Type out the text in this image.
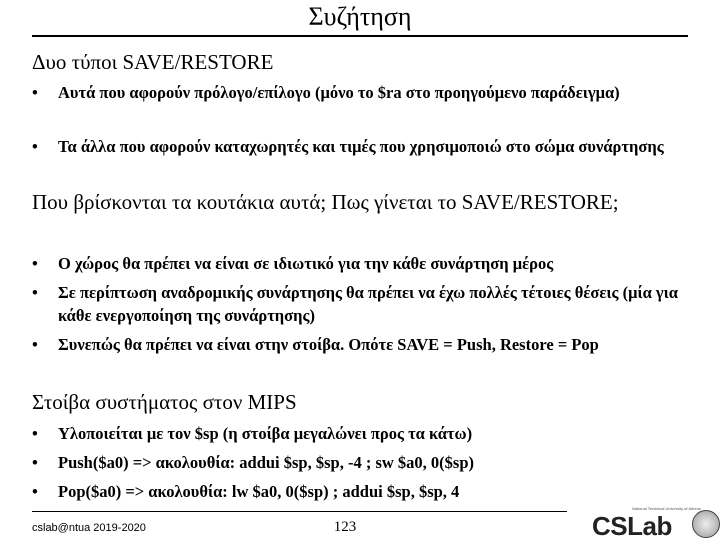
Συζήτηση
Δυο τύποι SAVE/RESTORE
• Αυτά που αφορούν πρόλογο/επίλογο (μόνο το $ra στο προηγούμενο παράδειγμα)
• Τα άλλα που αφορούν καταχωρητές και τιμές που χρησιμοποιώ στο σώμα συνάρτησης
Που βρίσκονται τα κουτάκια αυτά; Πως γίνεται το SAVE/RESTORE;
• Ο χώρος θα πρέπει να είναι σε ιδιωτικό για την κάθε συνάρτηση μέρος
• Σε περίπτωση αναδρομικής συνάρτησης θα πρέπει να έχω πολλές τέτοιες θέσεις (μία για κάθε ενεργοποίηση της συνάρτησης)
• Συνεπώς θα πρέπει να είναι στην στοίβα. Οπότε SAVE = Push, Restore = Pop
Στοίβα συστήματος στον MIPS
• Υλοποιείται με τον $sp (η στοίβα μεγαλώνει προς τα κάτω)
• Push($a0) => ακολουθία: addui $sp, $sp, -4 ; sw $a0, 0($sp)
• Pop($a0) => ακολουθία: lw $a0, 0($sp) ; addui $sp, $sp, 4
cslab@ntua 2019-2020	123
National Technical University of Athens
CSLab
